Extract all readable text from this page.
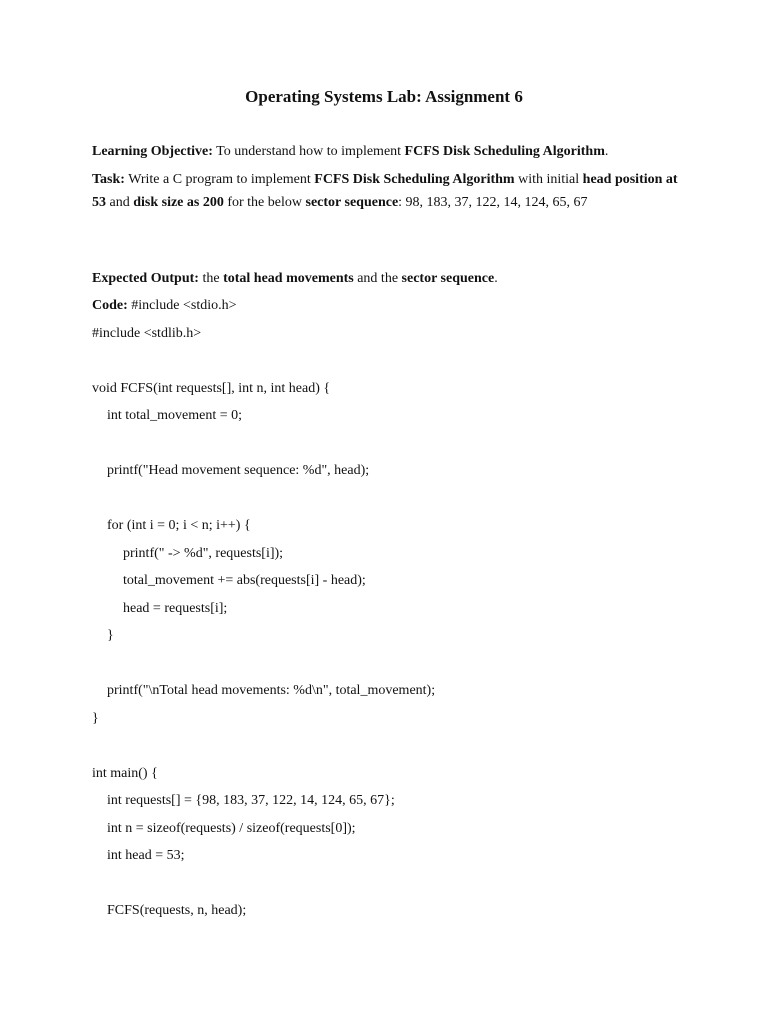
Operating Systems Lab: Assignment 6

Learning Objective: To understand how to implement FCFS Disk Scheduling Algorithm.

Task: Write a C program to implement FCFS Disk Scheduling Algorithm with initial head position at 53 and disk size as 200 for the below sector sequence: 98, 183, 37, 122, 14, 124, 65, 67

Expected Output: the total head movements and the sector sequence.

Code: #include <stdio.h>

#include <stdlib.h>

void FCFS(int requests[], int n, int head) {

int total_movement = 0;

printf("Head movement sequence: %d", head);

for (int i = 0; i < n; i++) {

printf(" -> %d", requests[i]);

total_movement += abs(requests[i] - head);

head = requests[i];

}

printf("\nTotal head movements: %d\n", total_movement);

}

int main() {

int requests[] = {98, 183, 37, 122, 14, 124, 65, 67};

int n = sizeof(requests) / sizeof(requests[0]);

int head = 53;

FCFS(requests, n, head);
